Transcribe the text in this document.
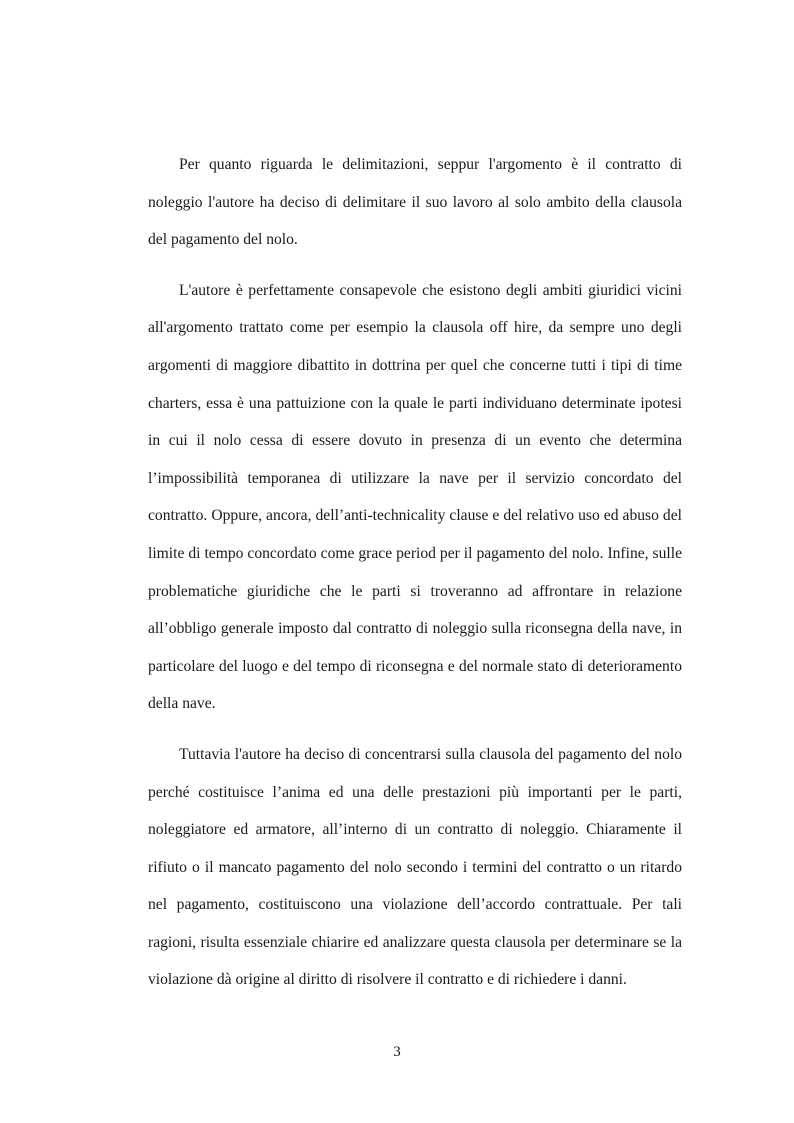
Per quanto riguarda le delimitazioni, seppur l'argomento è il contratto di noleggio l'autore ha deciso di delimitare il suo lavoro al solo ambito della clausola del pagamento del nolo.

L'autore è perfettamente consapevole che esistono degli ambiti giuridici vicini all'argomento trattato come per esempio la clausola off hire, da sempre uno degli argomenti di maggiore dibattito in dottrina per quel che concerne tutti i tipi di time charters, essa è una pattuizione con la quale le parti individuano determinate ipotesi in cui il nolo cessa di essere dovuto in presenza di un evento che determina l’impossibilità temporanea di utilizzare la nave per il servizio concordato del contratto. Oppure, ancora, dell’anti-technicality clause e del relativo uso ed abuso del limite di tempo concordato come grace period per il pagamento del nolo. Infine, sulle problematiche giuridiche che le parti si troveranno ad affrontare in relazione all’obbligo generale imposto dal contratto di noleggio sulla riconsegna della nave, in particolare del luogo e del tempo di riconsegna e del normale stato di deterioramento della nave.

Tuttavia l'autore ha deciso di concentrarsi sulla clausola del pagamento del nolo perché costituisce l’anima ed una delle prestazioni più importanti per le parti, noleggiatore ed armatore, all’interno di un contratto di noleggio. Chiaramente il rifiuto o il mancato pagamento del nolo secondo i termini del contratto o un ritardo nel pagamento, costituiscono una violazione dell’accordo contrattuale. Per tali ragioni, risulta essenziale chiarire ed analizzare questa clausola per determinare se la violazione dà origine al diritto di risolvere il contratto e di richiedere i danni.

3
